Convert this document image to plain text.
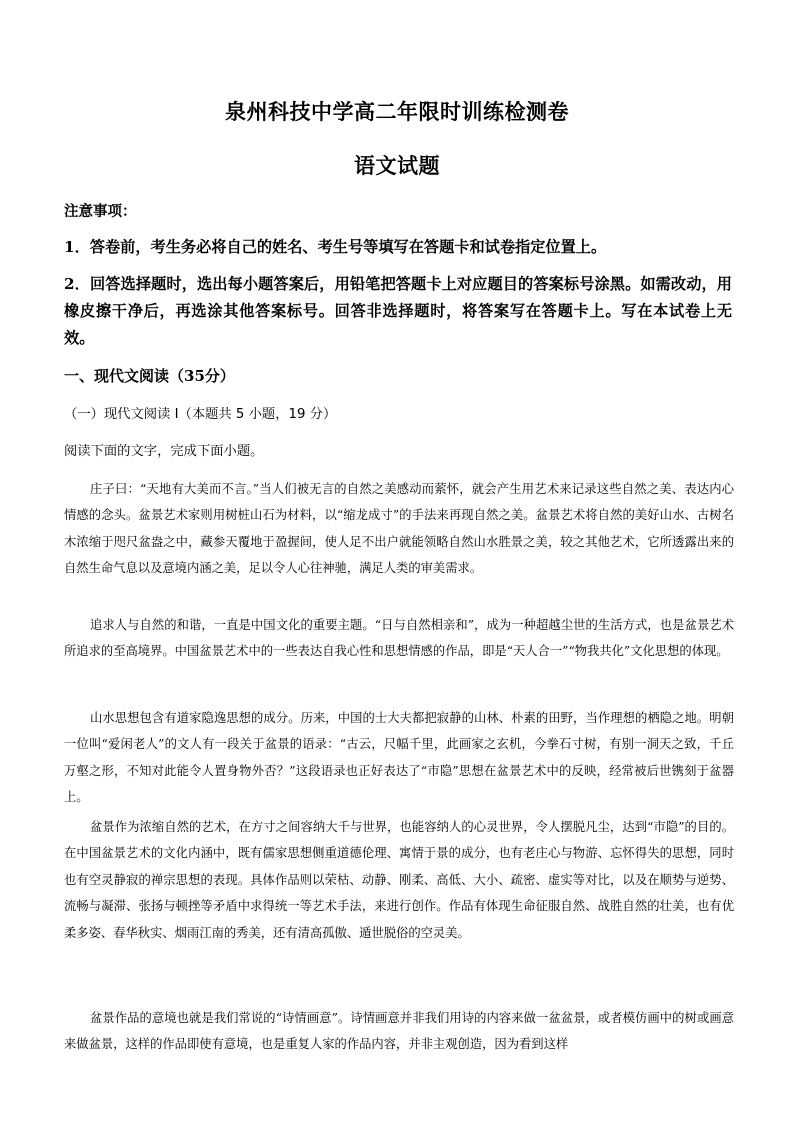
泉州科技中学高二年限时训练检测卷
语文试题
注意事项：
1．答卷前，考生务必将自己的姓名、考生号等填写在答题卡和试卷指定位置上。
2．回答选择题时，选出每小题答案后，用铅笔把答题卡上对应题目的答案标号涂黑。如需改动，用橡皮擦干净后，再选涂其他答案标号。回答非选择题时，将答案写在答题卡上。写在本试卷上无效。
一、现代文阅读（35分）
（一）现代文阅读 I（本题共 5 小题，19 分）
阅读下面的文字，完成下面小题。

庄子曰：“天地有大美而不言。”当人们被无言的自然之美感动而萦怀，就会产生用艺术来记录这些自然之美、表达内心情感的念头。盆景艺术家则用树桩山石为材料，以“缩龙成寸”的手法来再现自然之美。盆景艺术将自然的美好山水、古树名木浓缩于咫尺盆盎之中，藏参天覆地于盈握间，使人足不出户就能领略自然山水胜景之美，较之其他艺术，它所透露出来的自然生命气息以及意境内涵之美，足以令人心往神驰，满足人类的审美需求。

追求人与自然的和谐，一直是中国文化的重要主题。“日与自然相亲和”，成为一种超越尘世的生活方式，也是盆景艺术所追求的至高境界。中国盆景艺术中的一些表达自我心性和思想情感的作品，即是“天人合一”“物我共化”文化思想的体现。

山水思想包含有道家隐逸思想的成分。历来，中国的士大夫都把寂静的山林、朴素的田野，当作理想的栖隐之地。明朝一位叫“爱闲老人”的文人有一段关于盆景的语录：“古云，尺幅千里，此画家之玄机，今拳石寸树，有别一洞天之致，千丘万壑之形，不知对此能令人置身物外否？”这段语录也正好表达了“市隐”思想在盆景艺术中的反映，经常被后世镌刻于盆器上。

盆景作为浓缩自然的艺术，在方寸之间容纳大千与世界，也能容纳人的心灵世界，令人摆脱凡尘，达到“市隐”的目的。在中国盆景艺术的文化内涵中，既有儒家思想侧重道德伦理、寓情于景的成分，也有老庄心与物游、忘怀得失的思想，同时也有空灵静寂的禅宗思想的表现。具体作品则以荣枯、动静、刚柔、高低、大小、疏密、虚实等对比，以及在顺势与逆势、流畅与凝滞、张扬与顿挫等矛盾中求得统一等艺术手法，来进行创作。作品有体现生命征服自然、战胜自然的壮美，也有优柔多姿、春华秋实、烟雨江南的秀美，还有清高孤傲、遁世脱俗的空灵美。

盆景作品的意境也就是我们常说的“诗情画意”。诗情画意并非我们用诗的内容来做一盆盆景，或者模仿画中的树或画意来做盆景，这样的作品即使有意境，也是重复人家的作品内容，并非主观创造，因为看到这样
